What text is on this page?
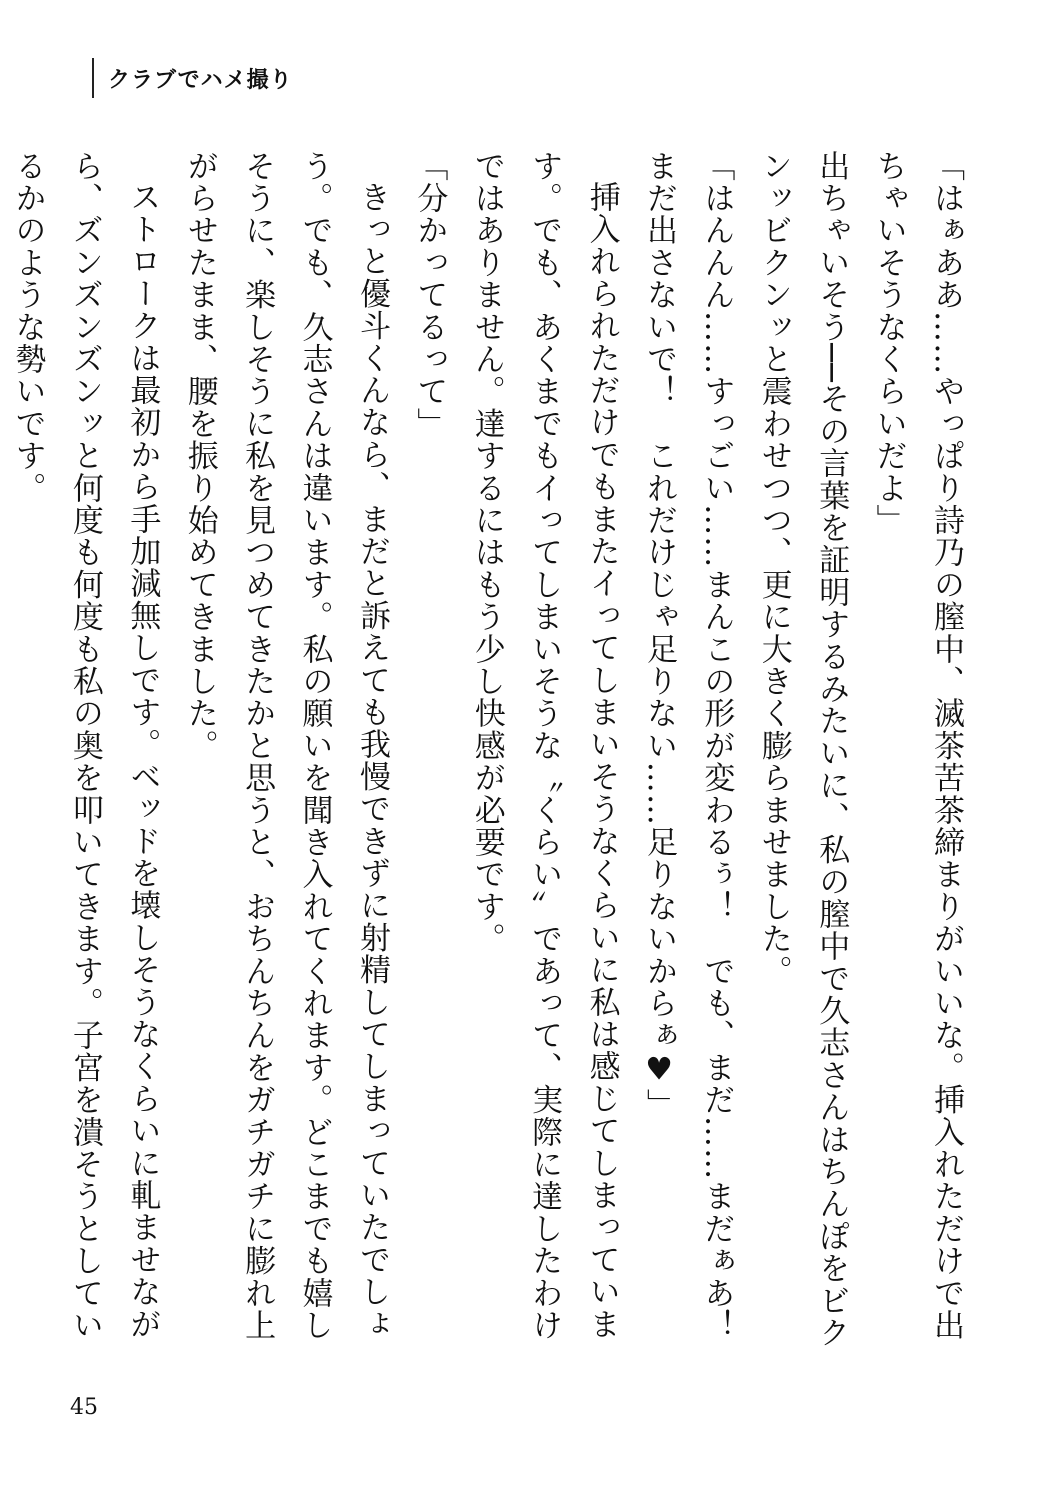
クラブでハメ撮り

「はぁああ……やっぱり詩乃の膣中、滅茶苦茶締まりがいいな。挿入れただけで出ちゃいそうなくらいだよ」

出ちゃいそう──その言葉を証明するみたいに、私の膣中で久志さんはちんぽをビクンッビクンッと震わせつつ、更に大きく膨らませました。

「はんんん……すっごい……まんこの形が変わるぅ！　でも、まだ……まだぁあ！　まだ出さないで！　これだけじゃ足りない……足りないからぁ♥」

挿入れられただけでもまたイってしまいそうなくらいに私は感じてしまっています。でも、あくまでもイってしまいそうな〝くらい〟であって、実際に達したわけではありません。達するにはもう少し快感が必要です。

「分かってるって」

きっと優斗くんなら、まだと訴えても我慢できずに射精してしまっていたでしょう。でも、久志さんは違います。私の願いを聞き入れてくれます。どこまでも嬉しそうに、楽しそうに私を見つめてきたかと思うと、おちんちんをガチガチに膨れ上がらせたまま、腰を振り始めてきました。

ストロークは最初から手加減無しです。ベッドを壊しそうなくらいに軋ませながら、ズンズンズンッと何度も何度も私の奥を叩いてきます。子宮を潰そうとしているかのような勢いです。

45
